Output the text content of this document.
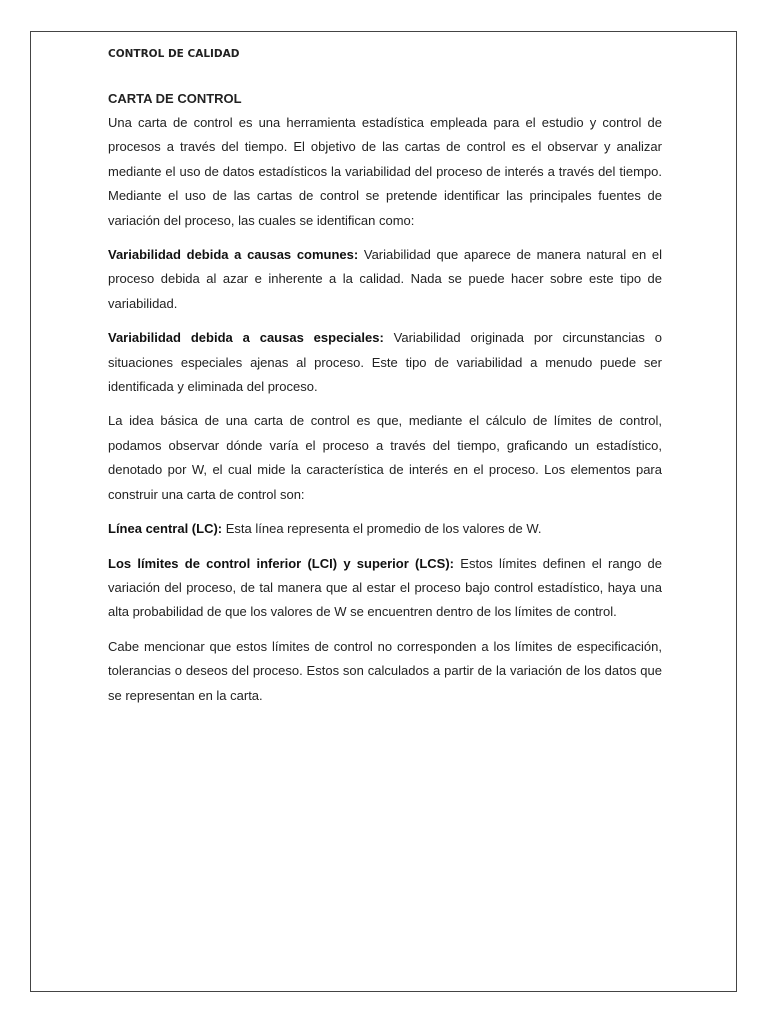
CONTROL DE CALIDAD
CARTA DE CONTROL

Una carta de control es una herramienta estadística empleada para el estudio y control de procesos a través del tiempo. El objetivo de las cartas de control es el observar y analizar mediante el uso de datos estadísticos la variabilidad del proceso de interés a través del tiempo. Mediante el uso de las cartas de control se pretende identificar las principales fuentes de variación del proceso, las cuales se identifican como:

Variabilidad debida a causas comunes: Variabilidad que aparece de manera natural en el proceso debida al azar e inherente a la calidad. Nada se puede hacer sobre este tipo de variabilidad.

Variabilidad debida a causas especiales: Variabilidad originada por circunstancias o situaciones especiales ajenas al proceso. Este tipo de variabilidad a menudo puede ser identificada y eliminada del proceso.

La idea básica de una carta de control es que, mediante el cálculo de límites de control, podamos observar dónde varía el proceso a través del tiempo, graficando un estadístico, denotado por W, el cual mide la característica de interés en el proceso. Los elementos para construir una carta de control son:

Línea central (LC): Esta línea representa el promedio de los valores de W.

Los límites de control inferior (LCI) y superior (LCS): Estos límites definen el rango de variación del proceso, de tal manera que al estar el proceso bajo control estadístico, haya una alta probabilidad de que los valores de W se encuentren dentro de los límites de control.

Cabe mencionar que estos límites de control no corresponden a los límites de especificación, tolerancias o deseos del proceso. Estos son calculados a partir de la variación de los datos que se representan en la carta.
